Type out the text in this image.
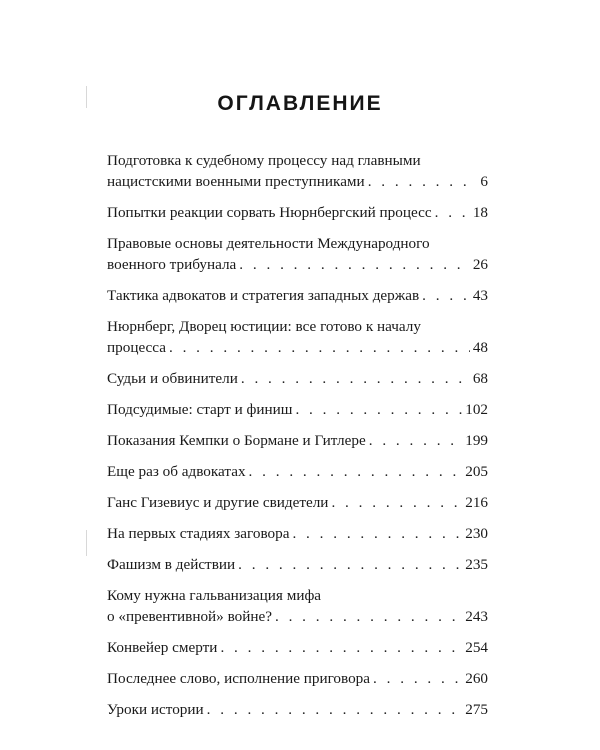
ОГЛАВЛЕНИЕ
Подготовка к судебному процессу над главными
нацистскими военными преступниками . . .	6
Попытки реакции сорвать Нюрнбергский процесс . . .	18
Правовые основы деятельности Международного
военного трибунала . . .	26
Тактика адвокатов и стратегия западных держав . . .	43
Нюрнберг, Дворец юстиции: все готово к началу
процесса . . .	48
Судьи и обвинители . . .	68
Подсудимые: старт и финиш . . .	102
Показания Кемпки о Бормане и Гитлере . . .	199
Еще раз об адвокатах . . .	205
Ганс Гизевиус и другие свидетели . . .	216
На первых стадиях заговора . . .	230
Фашизм в действии . . .	235
Кому нужна гальванизация мифа
о «превентивной» войне? . . .	243
Конвейер смерти . . .	254
Последнее слово, исполнение приговора . . .	260
Уроки истории . . .	275
